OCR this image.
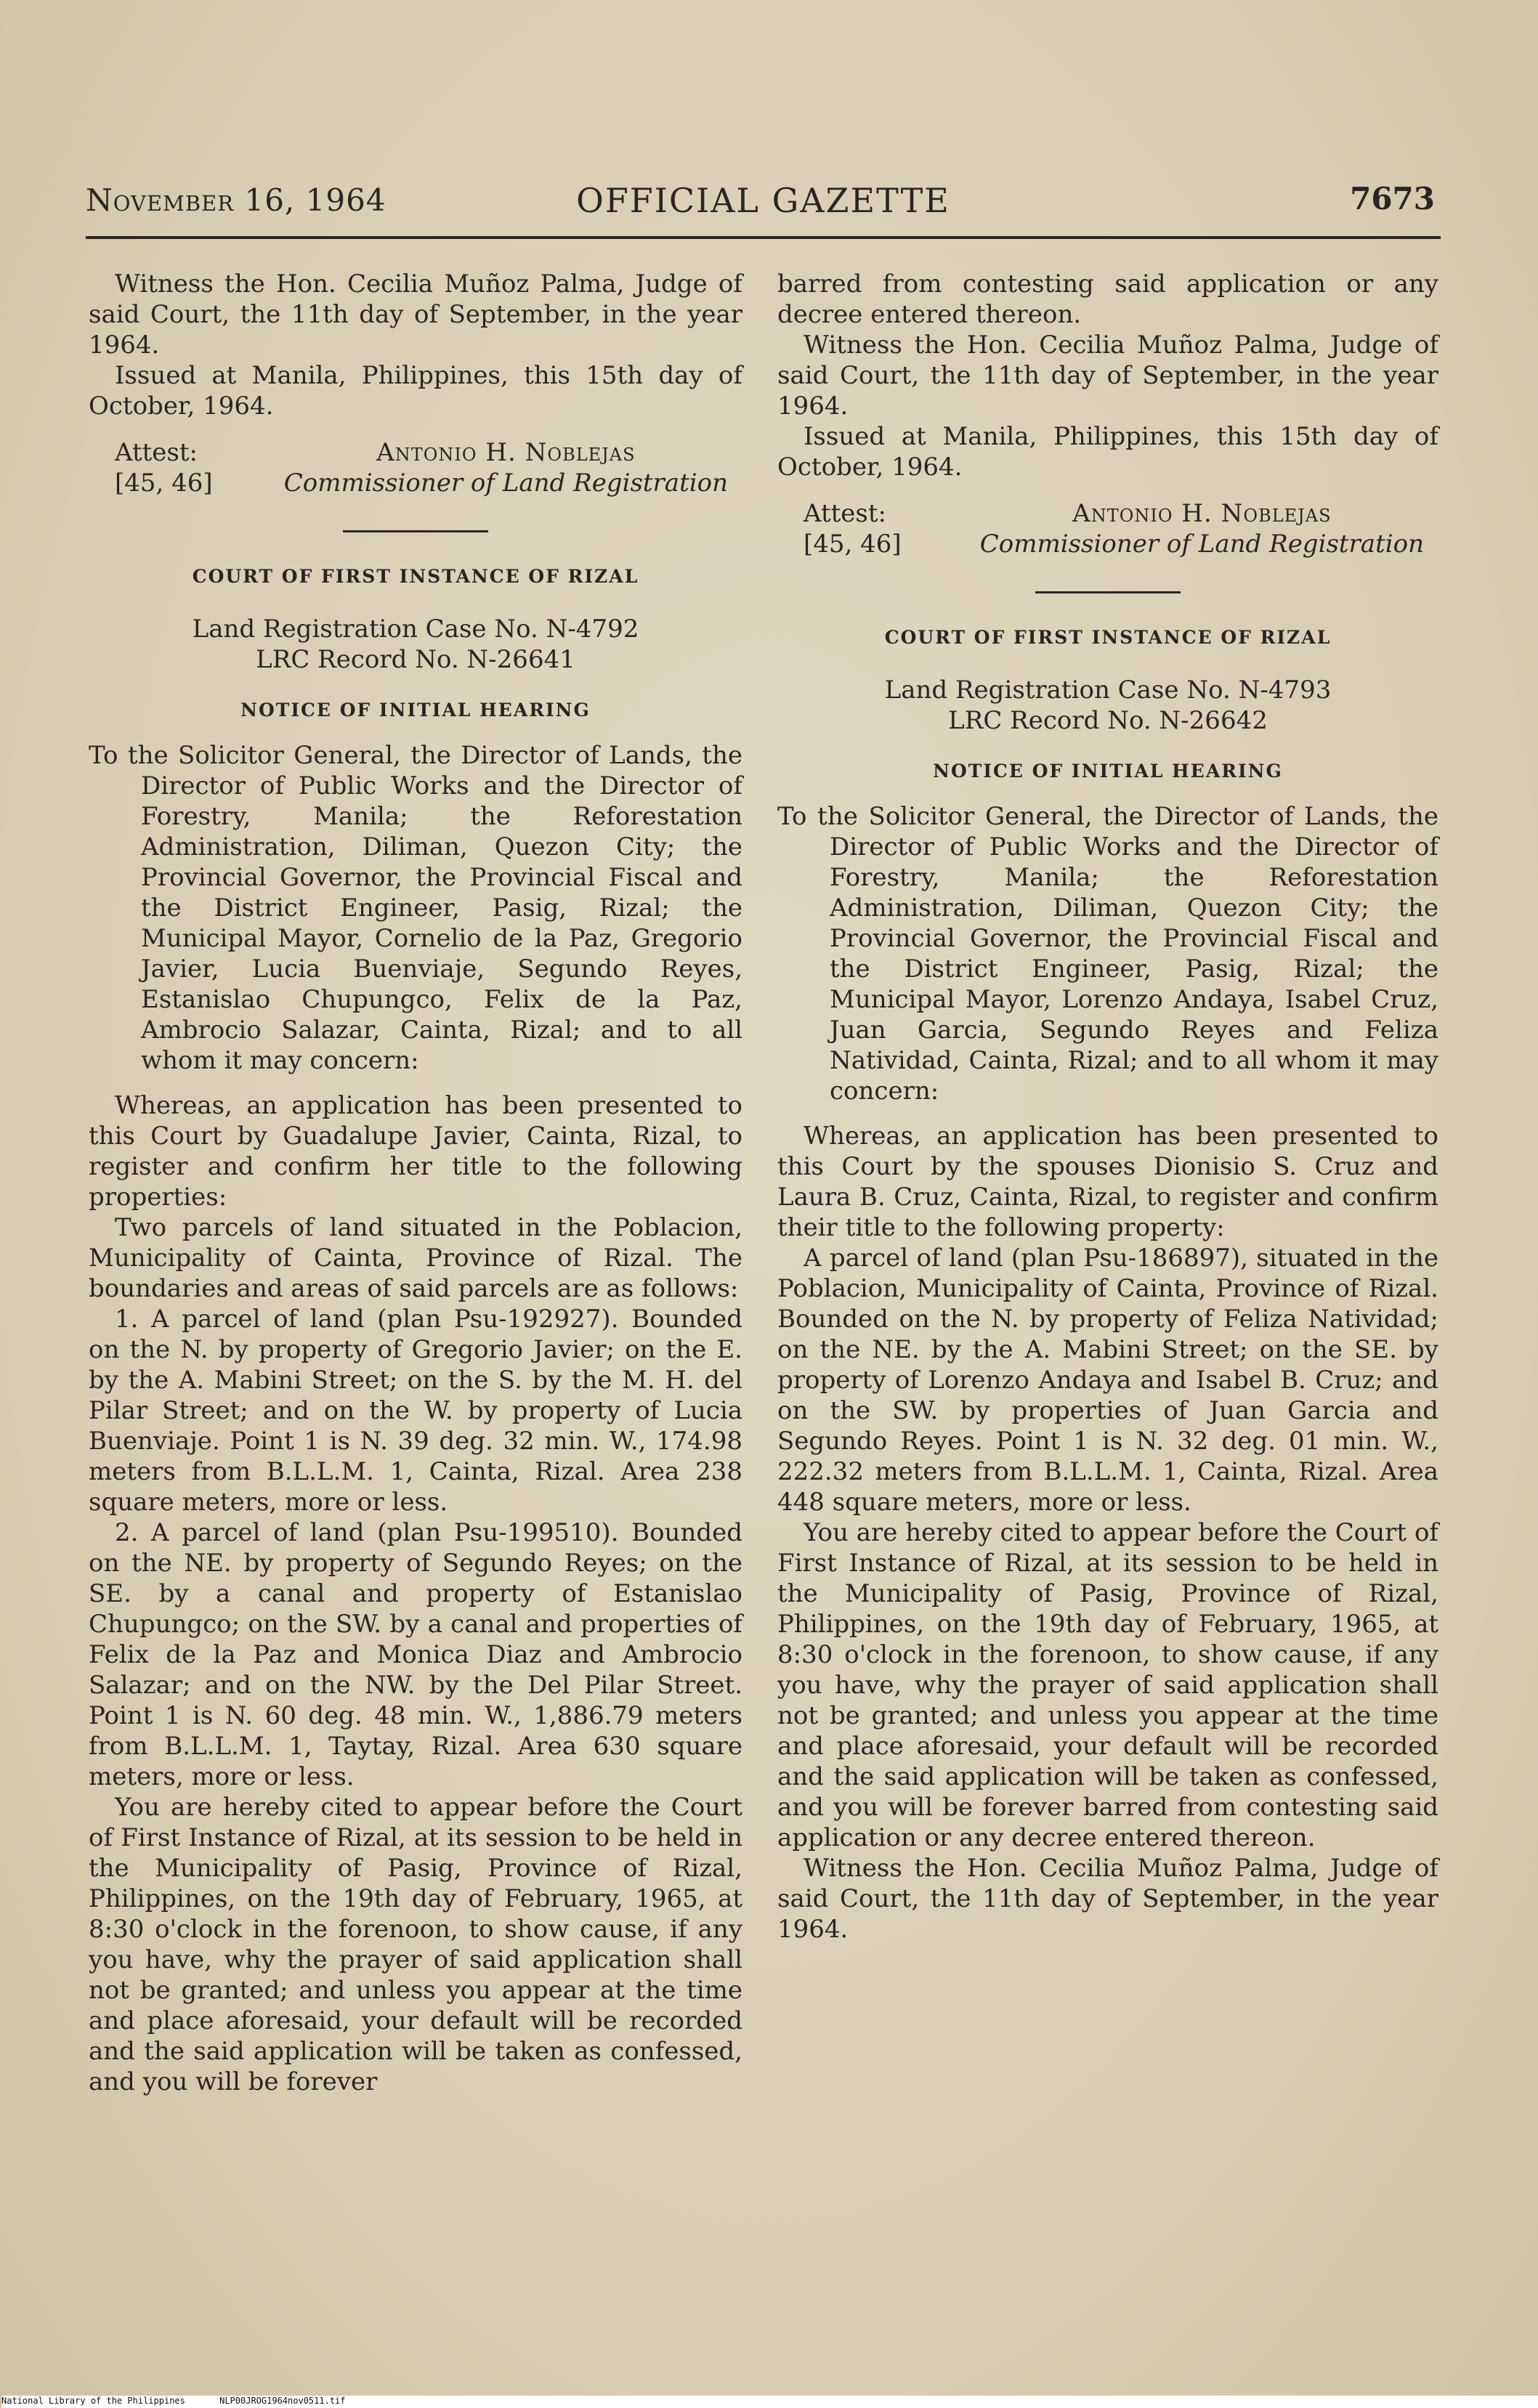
November 16, 1964	OFFICIAL GAZETTE	7673

Witness the Hon. Cecilia Muñoz Palma, Judge of said Court, the 11th day of September, in the year 1964.

Issued at Manila, Philippines, this 15th day of October, 1964.

Attest:
[45, 46]
Antonio H. Noblejas
Commissioner of Land Registration
COURT OF FIRST INSTANCE OF RIZAL

Land Registration Case No. N-4792

LRC Record No. N-26641

NOTICE OF INITIAL HEARING

To the Solicitor General, the Director of Lands, the Director of Public Works and the Director of Forestry, Manila; the Reforestation Administration, Diliman, Quezon City; the Provincial Governor, the Provincial Fiscal and the District Engineer, Pasig, Rizal; the Municipal Mayor, Cornelio de la Paz, Gregorio Javier, Lucia Buenviaje, Segundo Reyes, Estanislao Chupungco, Felix de la Paz, Ambrocio Salazar, Cainta, Rizal; and to all whom it may concern:

Whereas, an application has been presented to this Court by Guadalupe Javier, Cainta, Rizal, to register and confirm her title to the following properties:

Two parcels of land situated in the Poblacion, Municipality of Cainta, Province of Rizal. The boundaries and areas of said parcels are as follows:

1. A parcel of land (plan Psu-192927). Bounded on the N. by property of Gregorio Javier; on the E. by the A. Mabini Street; on the S. by the M. H. del Pilar Street; and on the W. by property of Lucia Buenviaje. Point 1 is N. 39 deg. 32 min. W., 174.98 meters from B.L.L.M. 1, Cainta, Rizal. Area 238 square meters, more or less.

2. A parcel of land (plan Psu-199510). Bounded on the NE. by property of Segundo Reyes; on the SE. by a canal and property of Estanislao Chupungco; on the SW. by a canal and properties of Felix de la Paz and Monica Diaz and Ambrocio Salazar; and on the NW. by the Del Pilar Street. Point 1 is N. 60 deg. 48 min. W., 1,886.79 meters from B.L.L.M. 1, Taytay, Rizal. Area 630 square meters, more or less.

You are hereby cited to appear before the Court of First Instance of Rizal, at its session to be held in the Municipality of Pasig, Province of Rizal, Philippines, on the 19th day of February, 1965, at 8:30 o'clock in the forenoon, to show cause, if any you have, why the prayer of said application shall not be granted; and unless you appear at the time and place aforesaid, your default will be recorded and the said application will be taken as confessed, and you will be forever

barred from contesting said application or any decree entered thereon.

Witness the Hon. Cecilia Muñoz Palma, Judge of said Court, the 11th day of September, in the year 1964.

Issued at Manila, Philippines, this 15th day of October, 1964.

Attest:
[45, 46]
Antonio H. Noblejas
Commissioner of Land Registration
COURT OF FIRST INSTANCE OF RIZAL

Land Registration Case No. N-4793

LRC Record No. N-26642

NOTICE OF INITIAL HEARING

To the Solicitor General, the Director of Lands, the Director of Public Works and the Director of Forestry, Manila; the Reforestation Administration, Diliman, Quezon City; the Provincial Governor, the Provincial Fiscal and the District Engineer, Pasig, Rizal; the Municipal Mayor, Lorenzo Andaya, Isabel Cruz, Juan Garcia, Segundo Reyes and Feliza Natividad, Cainta, Rizal; and to all whom it may concern:

Whereas, an application has been presented to this Court by the spouses Dionisio S. Cruz and Laura B. Cruz, Cainta, Rizal, to register and confirm their title to the following property:

A parcel of land (plan Psu-186897), situated in the Poblacion, Municipality of Cainta, Province of Rizal. Bounded on the N. by property of Feliza Natividad; on the NE. by the A. Mabini Street; on the SE. by property of Lorenzo Andaya and Isabel B. Cruz; and on the SW. by properties of Juan Garcia and Segundo Reyes. Point 1 is N. 32 deg. 01 min. W., 222.32 meters from B.L.L.M. 1, Cainta, Rizal. Area 448 square meters, more or less.

You are hereby cited to appear before the Court of First Instance of Rizal, at its session to be held in the Municipality of Pasig, Province of Rizal, Philippines, on the 19th day of February, 1965, at 8:30 o'clock in the forenoon, to show cause, if any you have, why the prayer of said application shall not be granted; and unless you appear at the time and place aforesaid, your default will be recorded and the said application will be taken as confessed, and you will be forever barred from contesting said application or any decree entered thereon.

Witness the Hon. Cecilia Muñoz Palma, Judge of said Court, the 11th day of September, in the year 1964.

National Library of the Philippines	NLP00JROG1964nov0511.tif
